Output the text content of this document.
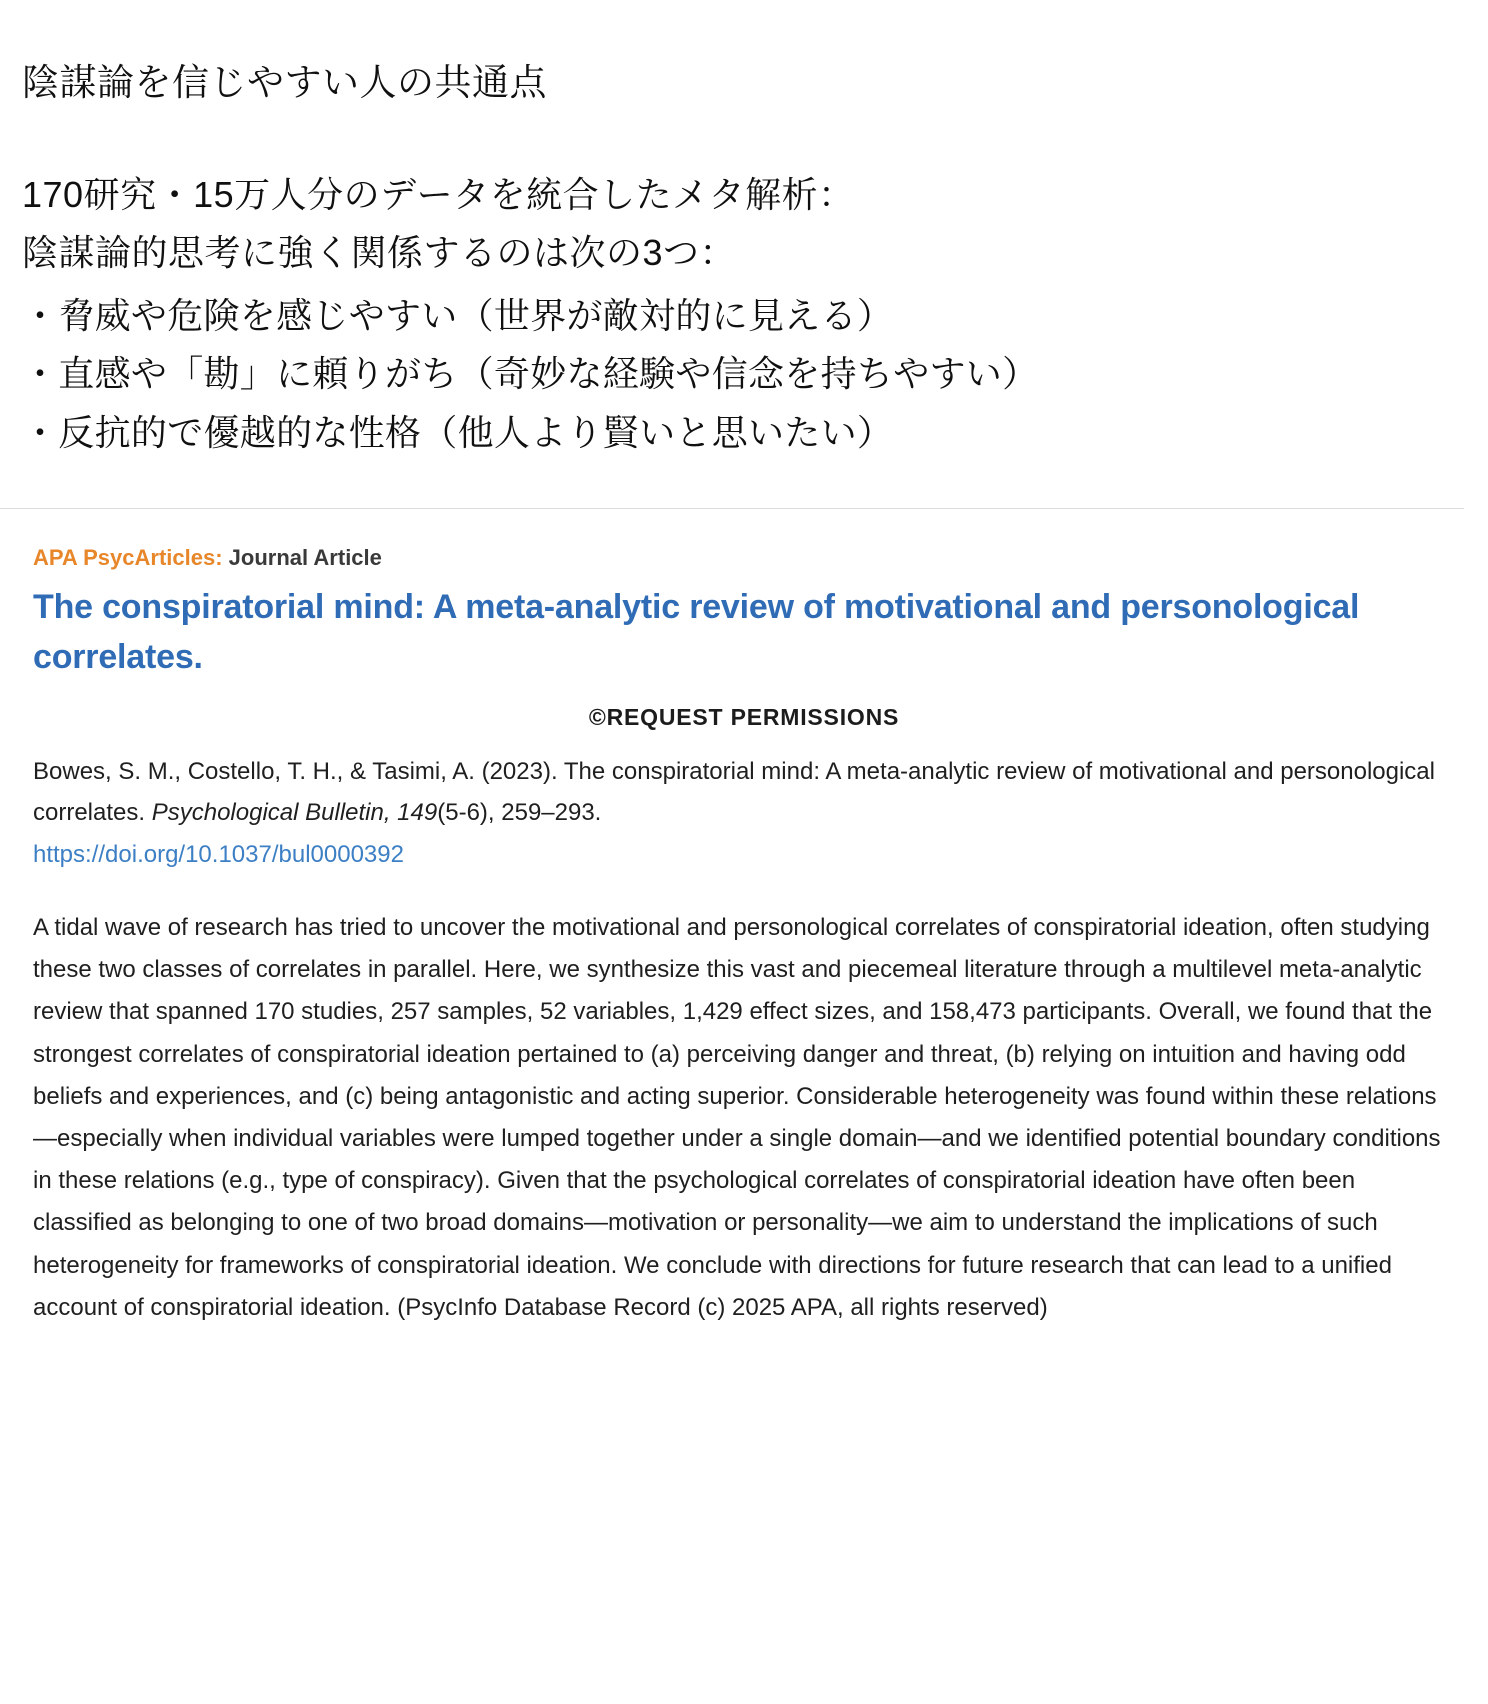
陰謀論を信じやすい人の共通点

170研究・15万人分のデータを統合したメタ解析：

陰謀論的思考に強く関係するのは次の3つ：

・脅威や危険を感じやすい（世界が敵対的に見える）
・直感や「勘」に頼りがち（奇妙な経験や信念を持ちやすい）
・反抗的で優越的な性格（他人より賢いと思いたい）
APA PsycArticles: Journal Article
The conspiratorial mind: A meta-analytic review of motivational and personological correlates.
©REQUEST PERMISSIONS

Bowes, S. M., Costello, T. H., & Tasimi, A. (2023). The conspiratorial mind: A meta-analytic review of motivational and personological correlates. Psychological Bulletin, 149(5-6), 259–293.

https://doi.org/10.1037/bul0000392

A tidal wave of research has tried to uncover the motivational and personological correlates of conspiratorial ideation, often studying these two classes of correlates in parallel. Here, we synthesize this vast and piecemeal literature through a multilevel meta-analytic review that spanned 170 studies, 257 samples, 52 variables, 1,429 effect sizes, and 158,473 participants. Overall, we found that the strongest correlates of conspiratorial ideation pertained to (a) perceiving danger and threat, (b) relying on intuition and having odd beliefs and experiences, and (c) being antagonistic and acting superior. Considerable heterogeneity was found within these relations—especially when individual variables were lumped together under a single domain—and we identified potential boundary conditions in these relations (e.g., type of conspiracy). Given that the psychological correlates of conspiratorial ideation have often been classified as belonging to one of two broad domains—motivation or personality—we aim to understand the implications of such heterogeneity for frameworks of conspiratorial ideation. We conclude with directions for future research that can lead to a unified account of conspiratorial ideation. (PsycInfo Database Record (c) 2025 APA, all rights reserved)
